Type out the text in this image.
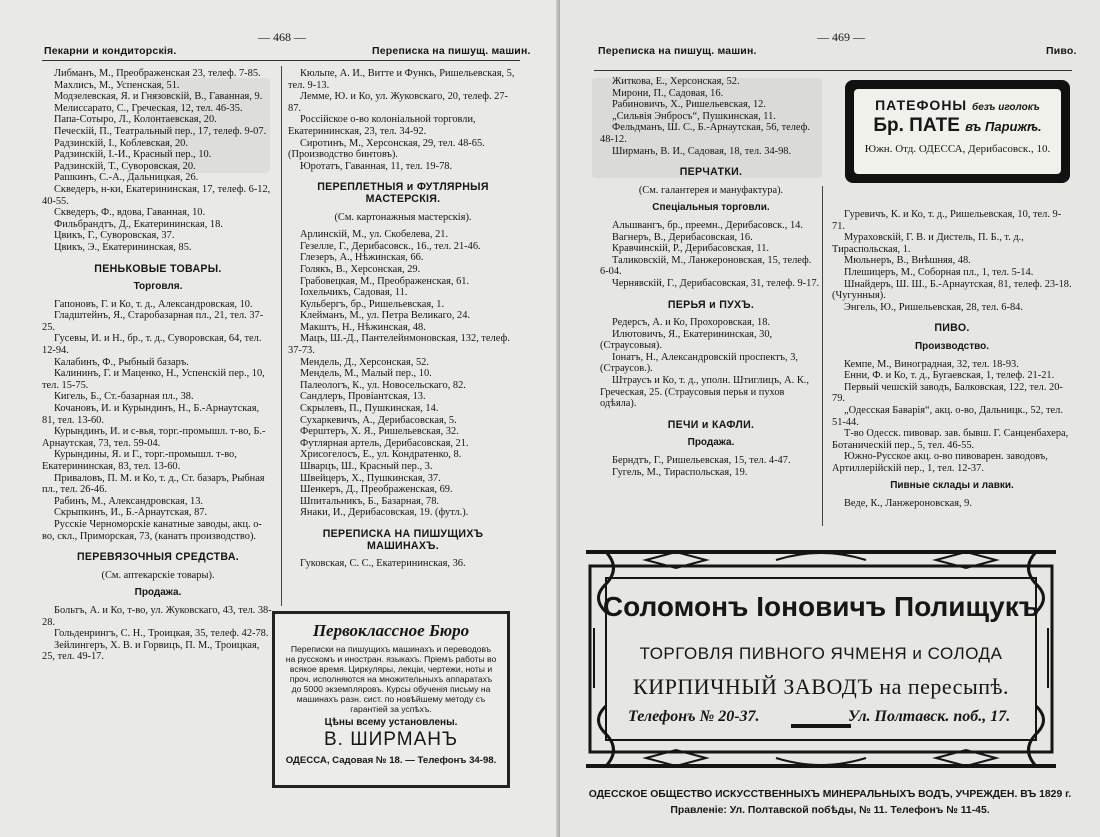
— 468 —
Пекарни и кондиторскія.	Переписка на пишущ. машин.
Либманъ, М., Преображенская 23, телеф. 7-85.
Махлисъ, М., Успенская, 51.
Модзелевская, Я. и Гнязовскій, В., Гаванная, 9.
Мелиссарато, С., Греческая, 12, тел. 46-35.
Папа-Сотыро, Л., Колонтаевская, 20.
Печескій, П., Театральный пер., 17, телеф. 9-07.
Радзинскій, І., Коблевская, 20.
Радзинскій, І.-И., Красный пер., 10.
Радзинскій, Т., Суворовская, 20.
Рашкинъ, С.-А., Дальницкая, 26.
Скведеръ, н-ки, Екатерининская, 17, телеф. 6-12, 40-55.
Скведеръ, Ф., вдова, Гаванная, 10.
Фильбрандтъ, Д., Екатерининская, 18.
Цвикъ, Г., Суворовская, 37.
Цвикъ, Э., Екатерининская, 85.
ПЕНЬКОВЫЕ ТОВАРЫ.
Торговля.
Гапоновъ, Г. и Ко, т. д., Александровская, 10.
Гладштейнъ, Я., Старобазарная пл., 21, тел. 37-25.
Гусевы, И. и Н., бр., т. д., Суворовская, 64, тел. 12-94.
Калабинъ, Ф., Рыбный базаръ.
Калининъ, Г. и Маценко, Н., Успенскій пер., 10, тел. 15-75.
Кигель, Б., Ст.-базарная пл., 38.
Кочановъ, И. и Курындинъ, Н., Б.-Арнаутская, 81, тел. 13-60.
Курындинъ, И. и с-вья, торг.-промышл. т-во, Б.-Арнаутская, 73, тел. 59-04.
Курындины, Я. и Г., торг.-промышл. т-во, Екатерининская, 83, тел. 13-60.
Приваловъ, П. М. и Ко, т. д., Ст. базаръ, Рыбная пл., тел. 26-46.
Рабинъ, М., Александровская, 13.
Скрыпкинъ, И., Б.-Арнаутская, 87.
Русскіе Черноморскіе канатные заводы, акц. о-во, скл., Приморская, 73, (канатъ производство).
ПЕРЕВЯЗОЧНЫЯ СРЕДСТВА.
(См. аптекарскіе товары).
Продажа.
Больтъ, А. и Ко, т-во, ул. Жуковскаго, 43, тел. 38-28.
Гольденрингъ, С. Н., Троицкая, 35, телеф. 42-78.
Зейлингеръ, Х. В. и Горвицъ, П. М., Троицкая, 25, тел. 49-17.
Кюльпе, А. И., Витте и Функъ, Ришельевская, 5, тел. 9-13.
Лемме, Ю. и Ко, ул. Жуковскаго, 20, телеф. 27-87.
Россійское о-во колоніальной торговли, Екатерининская, 23, тел. 34-92.
Сиротинъ, М., Херсонская, 29, тел. 48-65. (Производство бинтовъ).
Юротатъ, Гаванная, 11, тел. 19-78.
ПЕРЕПЛЕТНЫЯ и ФУТЛЯРНЫЯ МАСТЕРСКІЯ.
(См. картонажныя мастерскія).
Арлинскій, М., ул. Скобелева, 21.
Гезелле, Г., Дерибасовск., 16., тел. 21-46.
Глезеръ, А., Нѣжинская, 66.
Голякъ, В., Херсонская, 29.
Грабовецкая, М., Преображенская, 61.
Іохельчикъ, Садовая, 11.
Кульбергъ, бр., Ришельевская, 1.
Клейманъ, М., ул. Петра Великаго, 24.
Макштъ, Н., Нѣжинская, 48.
Мацъ, Ш.-Д., Пантелейнмоновская, 132, телеф. 37-73.
Мендель, Д., Херсонская, 52.
Мендель, М., Малый пер., 10.
Палеологъ, К., ул. Новосельскаго, 82.
Сандлеръ, Провіантская, 13.
Скрылевъ, П., Пушкинская, 14.
Сухаркевичъ, А., Дерибасовская, 5.
Ферштеръ, Х. Я., Ришельевская, 32.
Футлярная артель, Дерибасовская, 21.
Хрисогелосъ, Е., ул. Кондратенко, 8.
Шварцъ, Ш., Красный пер., 3.
Швейцеръ, Х., Пушкинская, 37.
Шенкеръ, Д., Преображенская, 69.
Шпитальникъ, Б., Базарная, 78.
Янаки, И., Дерибасовская, 19. (футл.).
ПЕРЕПИСКА НА ПИШУЩИХЪ МАШИНАХЪ.
Гуковская, С. С., Екатерининская, 36.
Первоклассное Бюро
Переписки на пишущихъ машинахъ и переводовъ на русскомъ и иностран. языкахъ. Пріемъ работы во всякое время. Циркуляры, лекціи, чертежи, ноты и проч. исполняются на множительныхъ аппаратахъ до 5000 экземпляровъ. Курсы обученія письму на машинахъ разн. сист. по новѣйшему методу съ гарантіей за успѣхъ.
Цѣны всему установлены.
В. ШИРМАНЪ
ОДЕССА, Садовая № 18. — Телефонъ 34-98.
— 469 —
Переписка на пишущ. машин.	Пиво.
Житкова, Е., Херсонская, 52.
Мирони, П., Садовая, 16.
Рабиновичъ, Х., Ришельевская, 12.
„Сильвія Энбросъ“, Пушкинская, 11.
Фельдманъ, Ш. С., Б.-Арнаутская, 56, телеф. 48-12.
Ширманъ, В. И., Садовая, 18, тел. 34-98.
ПЕРЧАТКИ.
(См. галантерея и мануфактура).
Спеціальныя торговли.
Альшвангъ, бр., преемн., Дерибасовск., 14.
Вагнеръ, В., Дерибасовская, 16.
Кравчинскій, Р., Дерибасовская, 11.
Таликовскій, М., Ланжероновская, 15, телеф. 6-04.
Чернявскій, Г., Дерибасовская, 31, телеф. 9-17.
ПЕРЬЯ и ПУХЪ.
Редерсъ, А. и Ко, Прохоровская, 18.
Илютовичъ, Я., Екатерининская, 30, (Страусовыя).
Іонатъ, Н., Александровскій проспектъ, 3, (Страусов.).
Штраусъ и Ко, т. д., уполн. Штиглицъ, А. К., Греческая, 25. (Страусовыя перья и пухов одѣяла).
ПЕЧИ и КАФЛИ.
Продажа.
Берндтъ, Г., Ришельевская, 15, тел. 4-47.
Гугель, М., Тираспольская, 19.
Гуревичъ, К. и Ко, т. д., Ришельевская, 10, тел. 9-71.
Мураховскій, Г. В. и Дистель, П. Б., т. д., Тираспольская, 1.
Мюльнеръ, В., Внѣшняя, 48.
Плешицеръ, М., Соборная пл., 1, тел. 5-14.
Шнайдеръ, Ш. Ш., Б.-Арнаутская, 81, телеф. 23-18. (Чугунныя).
Энгель, Ю., Ришельевская, 28, тел. 6-84.
ПИВО.
Производство.
Кемпе, М., Виноградная, 32, тел. 18-93.
Енни, Ф. и Ко, т. д., Бугаевская, 1, телеф. 21-21.
Первый чешскій заводъ, Балковская, 122, тел. 20-79.
„Одесская Баварія“, акц. о-во, Дальницк., 52, тел. 51-44.
Т-во Одесск. пивовар. зав. бывш. Г. Санценбахера, Ботаническій пер., 5, тел. 46-55.
Южно-Русское акц. о-во пивоварен. заводовъ, Артиллерійскій пер., 1, тел. 12-37.
Пивные склады и лавки.
Веде, К., Ланжероновская, 9.
ПАТЕФОНЫ безъ иголокъ
Бр. ПАТЕ въ Парижѣ.
Южн. Отд. ОДЕССА, Дерибасовск., 10.
Соломонъ Іоновичъ Полищукъ
ТОРГОВЛЯ ПИВНОГО ЯЧМЕНЯ и СОЛОДА
КИРПИЧНЫЙ ЗАВОДЪ на пересыпѣ.
Телефонъ № 20-37.	Ул. Полтавск. поб., 17.
ОДЕССКОЕ ОБЩЕСТВО ИСКУССТВЕННЫХЪ МИНЕРАЛЬНЫХЪ ВОДЪ, УЧРЕЖДЕН. ВЪ 1829 г.
Правленіе: Ул. Полтавской побѣды, № 11. Телефонъ № 11-45.
